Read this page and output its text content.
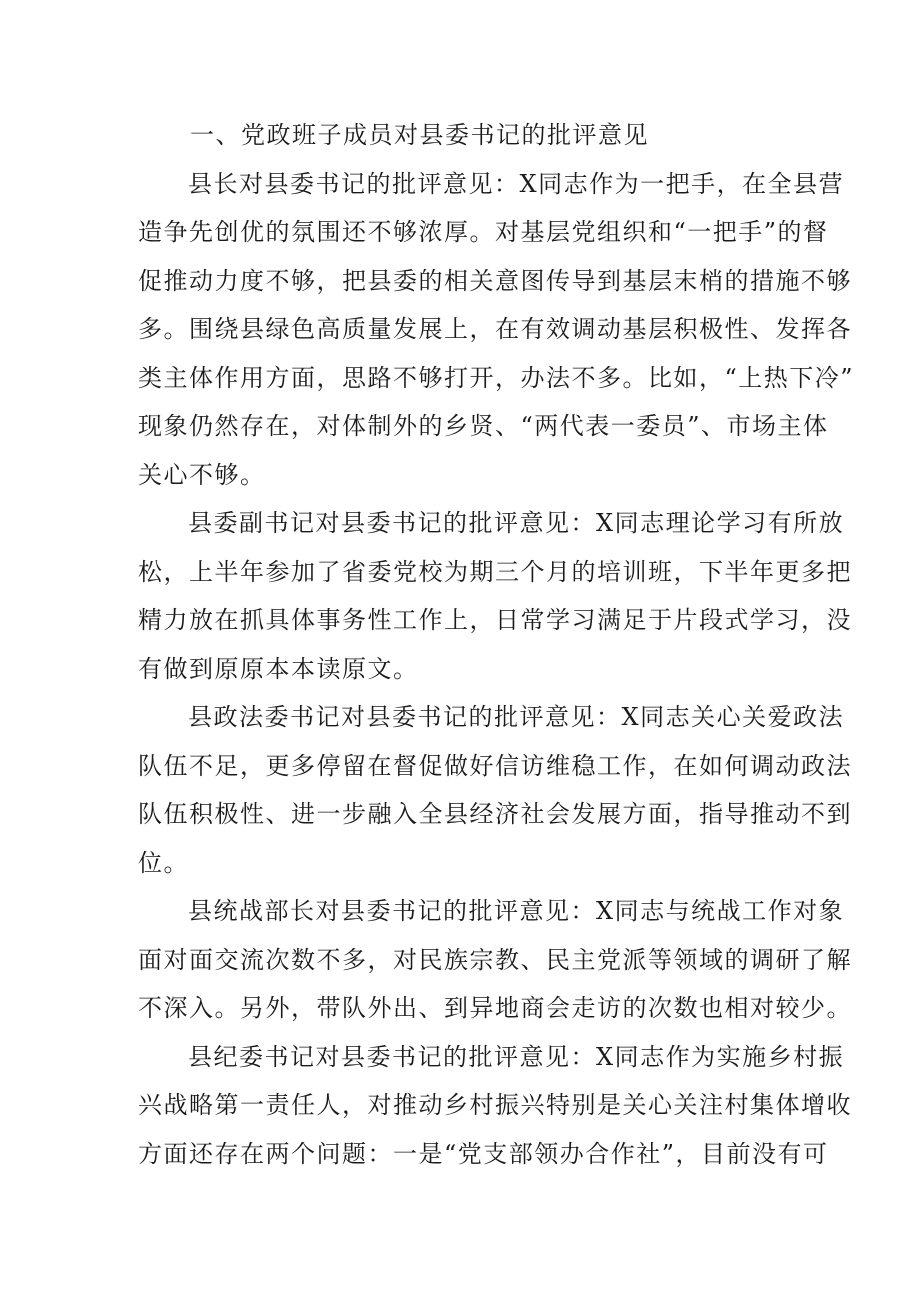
一、党政班子成员对县委书记的批评意见
县长对县委书记的批评意见：X同志作为一把手，在全县营
造争先创优的氛围还不够浓厚。对基层党组织和“一把手”的督
促推动力度不够，把县委的相关意图传导到基层末梢的措施不够
多。围绕县绿色高质量发展上，在有效调动基层积极性、发挥各
类主体作用方面，思路不够打开，办法不多。比如，“上热下冷”
现象仍然存在，对体制外的乡贤、“两代表一委员”、市场主体
关心不够。
县委副书记对县委书记的批评意见：X同志理论学习有所放
松，上半年参加了省委党校为期三个月的培训班，下半年更多把
精力放在抓具体事务性工作上，日常学习满足于片段式学习，没
有做到原原本本读原文。
县政法委书记对县委书记的批评意见：X同志关心关爱政法
队伍不足，更多停留在督促做好信访维稳工作，在如何调动政法
队伍积极性、进一步融入全县经济社会发展方面，指导推动不到
位。
县统战部长对县委书记的批评意见：X同志与统战工作对象
面对面交流次数不多，对民族宗教、民主党派等领域的调研了解
不深入。另外，带队外出、到异地商会走访的次数也相对较少。
县纪委书记对县委书记的批评意见：X同志作为实施乡村振
兴战略第一责任人，对推动乡村振兴特别是关心关注村集体增收
方面还存在两个问题：一是“党支部领办合作社”，目前没有可
